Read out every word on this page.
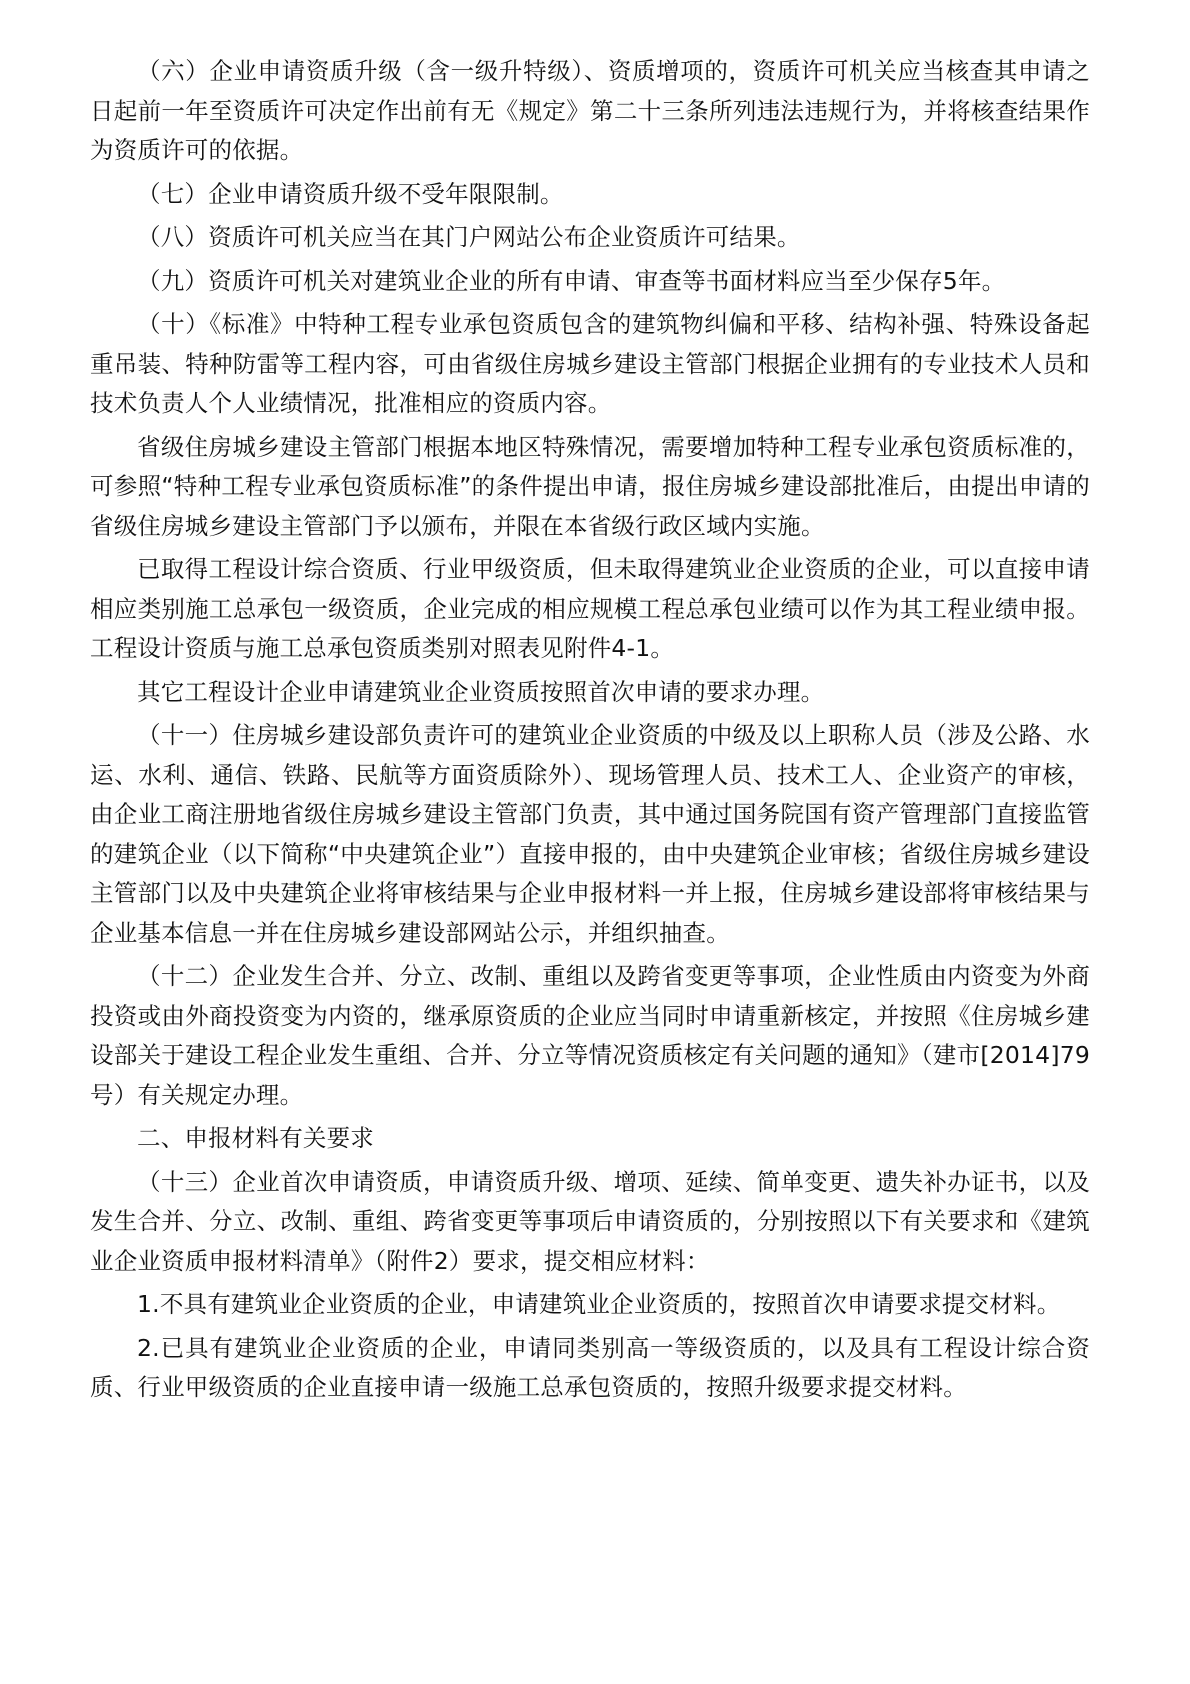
（六）企业申请资质升级（含一级升特级）、资质增项的，资质许可机关应当核查其申请之日起前一年至资质许可决定作出前有无《规定》第二十三条所列违法违规行为，并将核查结果作为资质许可的依据。

（七）企业申请资质升级不受年限限制。

（八）资质许可机关应当在其门户网站公布企业资质许可结果。

（九）资质许可机关对建筑业企业的所有申请、审查等书面材料应当至少保存5年。

（十）《标准》中特种工程专业承包资质包含的建筑物纠偏和平移、结构补强、特殊设备起重吊装、特种防雷等工程内容，可由省级住房城乡建设主管部门根据企业拥有的专业技术人员和技术负责人个人业绩情况，批准相应的资质内容。

省级住房城乡建设主管部门根据本地区特殊情况，需要增加特种工程专业承包资质标准的，可参照“特种工程专业承包资质标准”的条件提出申请，报住房城乡建设部批准后，由提出申请的省级住房城乡建设主管部门予以颁布，并限在本省级行政区域内实施。

已取得工程设计综合资质、行业甲级资质，但未取得建筑业企业资质的企业，可以直接申请相应类别施工总承包一级资质，企业完成的相应规模工程总承包业绩可以作为其工程业绩申报。工程设计资质与施工总承包资质类别对照表见附件4-1。

其它工程设计企业申请建筑业企业资质按照首次申请的要求办理。

（十一）住房城乡建设部负责许可的建筑业企业资质的中级及以上职称人员（涉及公路、水运、水利、通信、铁路、民航等方面资质除外）、现场管理人员、技术工人、企业资产的审核，由企业工商注册地省级住房城乡建设主管部门负责，其中通过国务院国有资产管理部门直接监管的建筑企业（以下简称“中央建筑企业”）直接申报的，由中央建筑企业审核；省级住房城乡建设主管部门以及中央建筑企业将审核结果与企业申报材料一并上报，住房城乡建设部将审核结果与企业基本信息一并在住房城乡建设部网站公示，并组织抽查。

（十二）企业发生合并、分立、改制、重组以及跨省变更等事项，企业性质由内资变为外商投资或由外商投资变为内资的，继承原资质的企业应当同时申请重新核定，并按照《住房城乡建设部关于建设工程企业发生重组、合并、分立等情况资质核定有关问题的通知》（建市[2014]79号）有关规定办理。

二、申报材料有关要求

（十三）企业首次申请资质，申请资质升级、增项、延续、简单变更、遗失补办证书，以及发生合并、分立、改制、重组、跨省变更等事项后申请资质的，分别按照以下有关要求和《建筑业企业资质申报材料清单》（附件2）要求，提交相应材料：

1.不具有建筑业企业资质的企业，申请建筑业企业资质的，按照首次申请要求提交材料。

2.已具有建筑业企业资质的企业，申请同类别高一等级资质的，以及具有工程设计综合资质、行业甲级资质的企业直接申请一级施工总承包资质的，按照升级要求提交材料。
